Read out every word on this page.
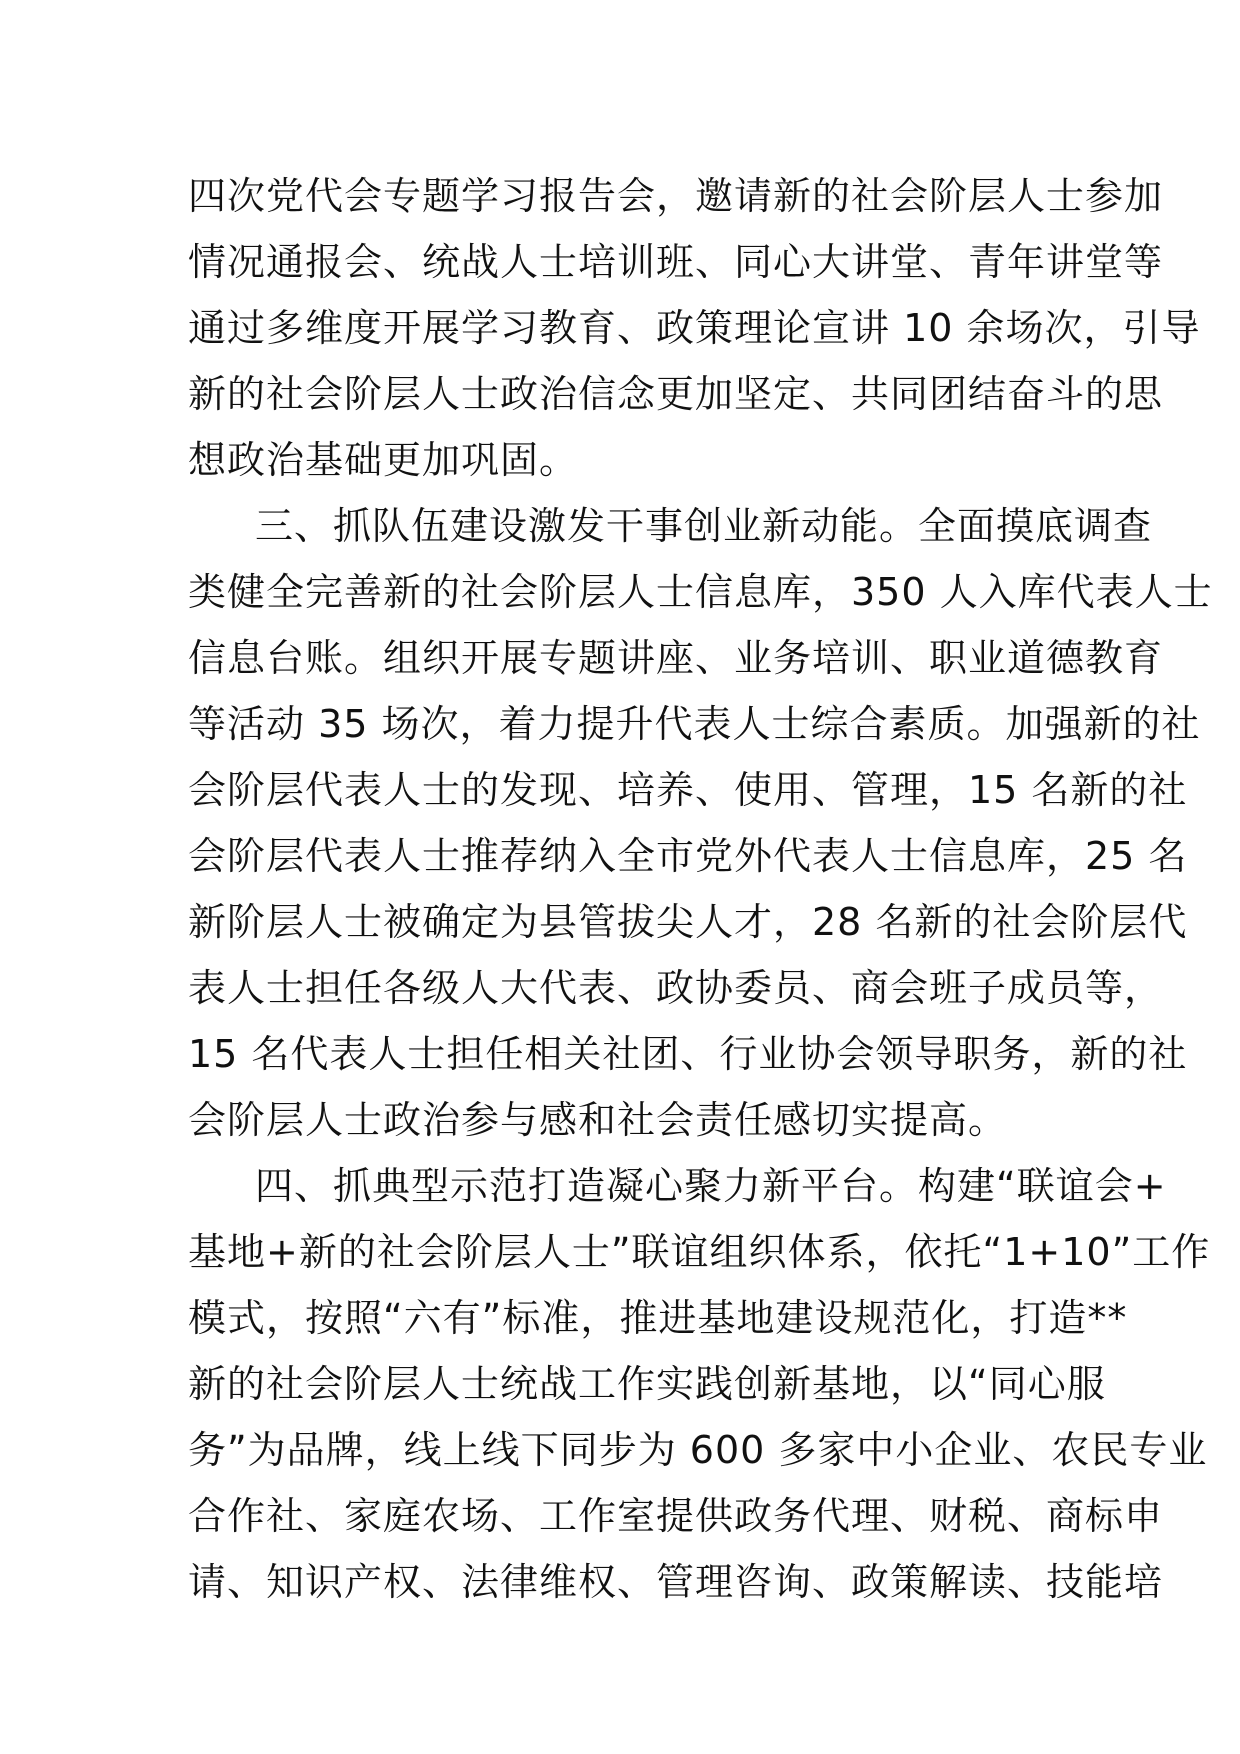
四次党代会专题学习报告会，邀请新的社会阶层人士参加
情况通报会、统战人士培训班、同心大讲堂、青年讲堂等
通过多维度开展学习教育、政策理论宣讲 10 余场次，引导
新的社会阶层人士政治信念更加坚定、共同团结奋斗的思
想政治基础更加巩固。
三、抓队伍建设激发干事创业新动能。全面摸底调查
类健全完善新的社会阶层人士信息库，350 人入库代表人士
信息台账。组织开展专题讲座、业务培训、职业道德教育
等活动 35 场次，着力提升代表人士综合素质。加强新的社
会阶层代表人士的发现、培养、使用、管理，15 名新的社
会阶层代表人士推荐纳入全市党外代表人士信息库，25 名
新阶层人士被确定为县管拔尖人才，28 名新的社会阶层代
表人士担任各级人大代表、政协委员、商会班子成员等，
15 名代表人士担任相关社团、行业协会领导职务，新的社
会阶层人士政治参与感和社会责任感切实提高。
四、抓典型示范打造凝心聚力新平台。构建“联谊会+
基地+新的社会阶层人士”联谊组织体系，依托“1+10”工作
模式，按照“六有”标准，推进基地建设规范化，打造**
新的社会阶层人士统战工作实践创新基地，以“同心服
务”为品牌，线上线下同步为 600 多家中小企业、农民专业
合作社、家庭农场、工作室提供政务代理、财税、商标申
请、知识产权、法律维权、管理咨询、政策解读、技能培
